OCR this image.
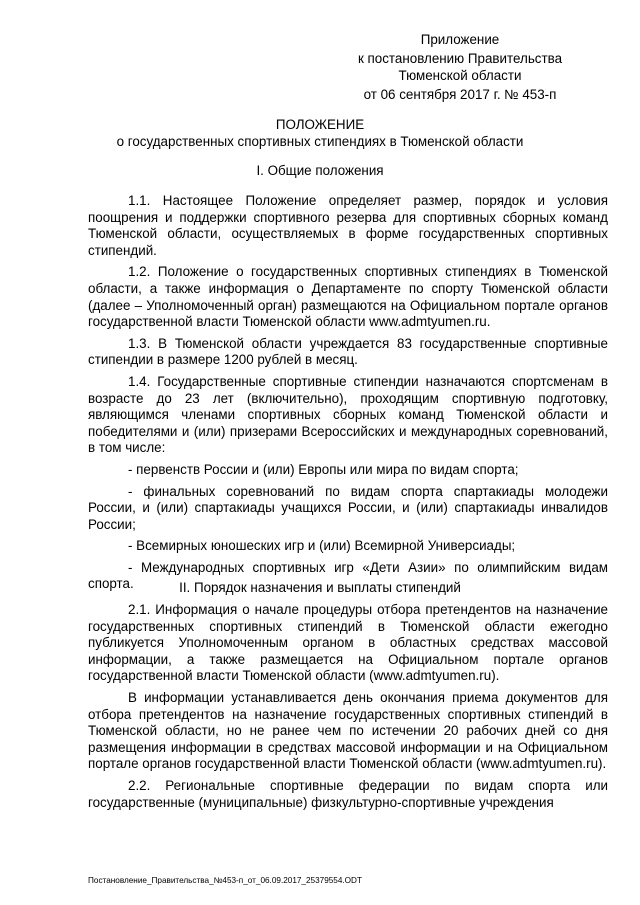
Приложение
к постановлению Правительства
Тюменской области
от 06 сентября 2017 г. № 453-п
ПОЛОЖЕНИЕ
о государственных спортивных стипендиях в Тюменской области
I. Общие положения

1.1. Настоящее Положение определяет размер, порядок и условия поощрения и поддержки спортивного резерва для спортивных сборных команд Тюменской области, осуществляемых в форме государственных спортивных стипендий.

1.2. Положение о государственных спортивных стипендиях в Тюменской области, а также информация о Департаменте по спорту Тюменской области (далее – Уполномоченный орган) размещаются на Официальном портале органов государственной власти Тюменской области www.admtyumen.ru.

1.3. В Тюменской области учреждается 83 государственные спортивные стипендии в размере 1200 рублей в месяц.

1.4. Государственные спортивные стипендии назначаются спортсменам в возрасте до 23 лет (включительно), проходящим спортивную подготовку, являющимся членами спортивных сборных команд Тюменской области и победителями и (или) призерами Всероссийских и международных соревнований, в том числе:

- первенств России и (или) Европы или мира по видам спорта;

- финальных соревнований по видам спорта спартакиады молодежи России, и (или) спартакиады учащихся России, и (или) спартакиады инвалидов России;

- Всемирных юношеских игр и (или) Всемирной Универсиады;

- Международных спортивных игр «Дети Азии» по олимпийским видам спорта.	II. Порядок назначения и выплаты стипендий

2.1. Информация о начале процедуры отбора претендентов на назначение государственных спортивных стипендий в Тюменской области ежегодно публикуется Уполномоченным органом в областных средствах массовой информации, а также размещается на Официальном портале органов государственной власти Тюменской области (www.admtyumen.ru).

В информации устанавливается день окончания приема документов для отбора претендентов на назначение государственных спортивных стипендий в Тюменской области, но не ранее чем по истечении 20 рабочих дней со дня размещения информации в средствах массовой информации и на Официальном портале органов государственной власти Тюменской области (www.admtyumen.ru).

2.2. Региональные спортивные федерации по видам спорта или государственные (муниципальные) физкультурно-спортивные учреждения

Постановление_Правительства_№453-п_от_06.09.2017_25379554.ODT
